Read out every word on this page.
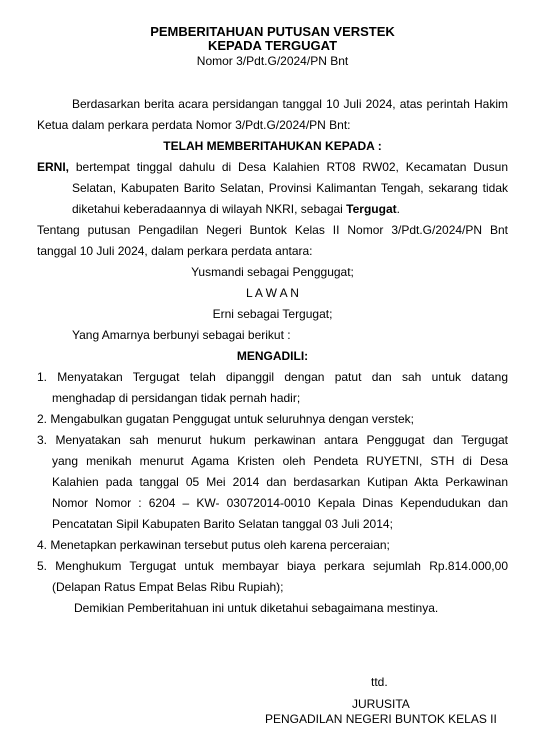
PEMBERITAHUAN PUTUSAN VERSTEK
KEPADA TERGUGAT
Nomor 3/Pdt.G/2024/PN Bnt
Berdasarkan berita acara persidangan tanggal 10 Juli 2024, atas perintah Hakim
Ketua dalam perkara perdata Nomor 3/Pdt.G/2024/PN Bnt:
TELAH MEMBERITAHUKAN KEPADA :
ERNI, bertempat tinggal dahulu di Desa Kalahien RT08 RW02, Kecamatan Dusun
Selatan, Kabupaten Barito Selatan, Provinsi Kalimantan Tengah, sekarang tidak
diketahui keberadaannya di wilayah NKRI, sebagai Tergugat.
Tentang putusan Pengadilan Negeri Buntok Kelas II Nomor 3/Pdt.G/2024/PN Bnt
tanggal 10 Juli 2024, dalam perkara perdata antara:
Yusmandi sebagai Penggugat;
L A W A N
Erni sebagai Tergugat;
Yang Amarnya berbunyi sebagai berikut :
MENGADILI:
1. Menyatakan Tergugat telah dipanggil dengan patut dan sah untuk datang
menghadap di persidangan tidak pernah hadir;
2. Mengabulkan gugatan Penggugat untuk seluruhnya dengan verstek;
3. Menyatakan sah menurut hukum perkawinan antara Penggugat dan Tergugat
yang menikah menurut Agama Kristen oleh Pendeta RUYETNI, STH di Desa
Kalahien pada tanggal 05 Mei 2014 dan berdasarkan Kutipan Akta Perkawinan
Nomor Nomor : 6204 – KW- 03072014-0010 Kepala Dinas Kependudukan dan
Pencatatan Sipil Kabupaten Barito Selatan tanggal 03 Juli 2014;
4. Menetapkan perkawinan tersebut putus oleh karena perceraian;
5. Menghukum Tergugat untuk membayar biaya perkara sejumlah Rp.814.000,00
(Delapan Ratus Empat Belas Ribu Rupiah);
Demikian Pemberitahuan ini untuk diketahui sebagaimana mestinya.
ttd.
JURUSITA
PENGADILAN NEGERI BUNTOK KELAS II
